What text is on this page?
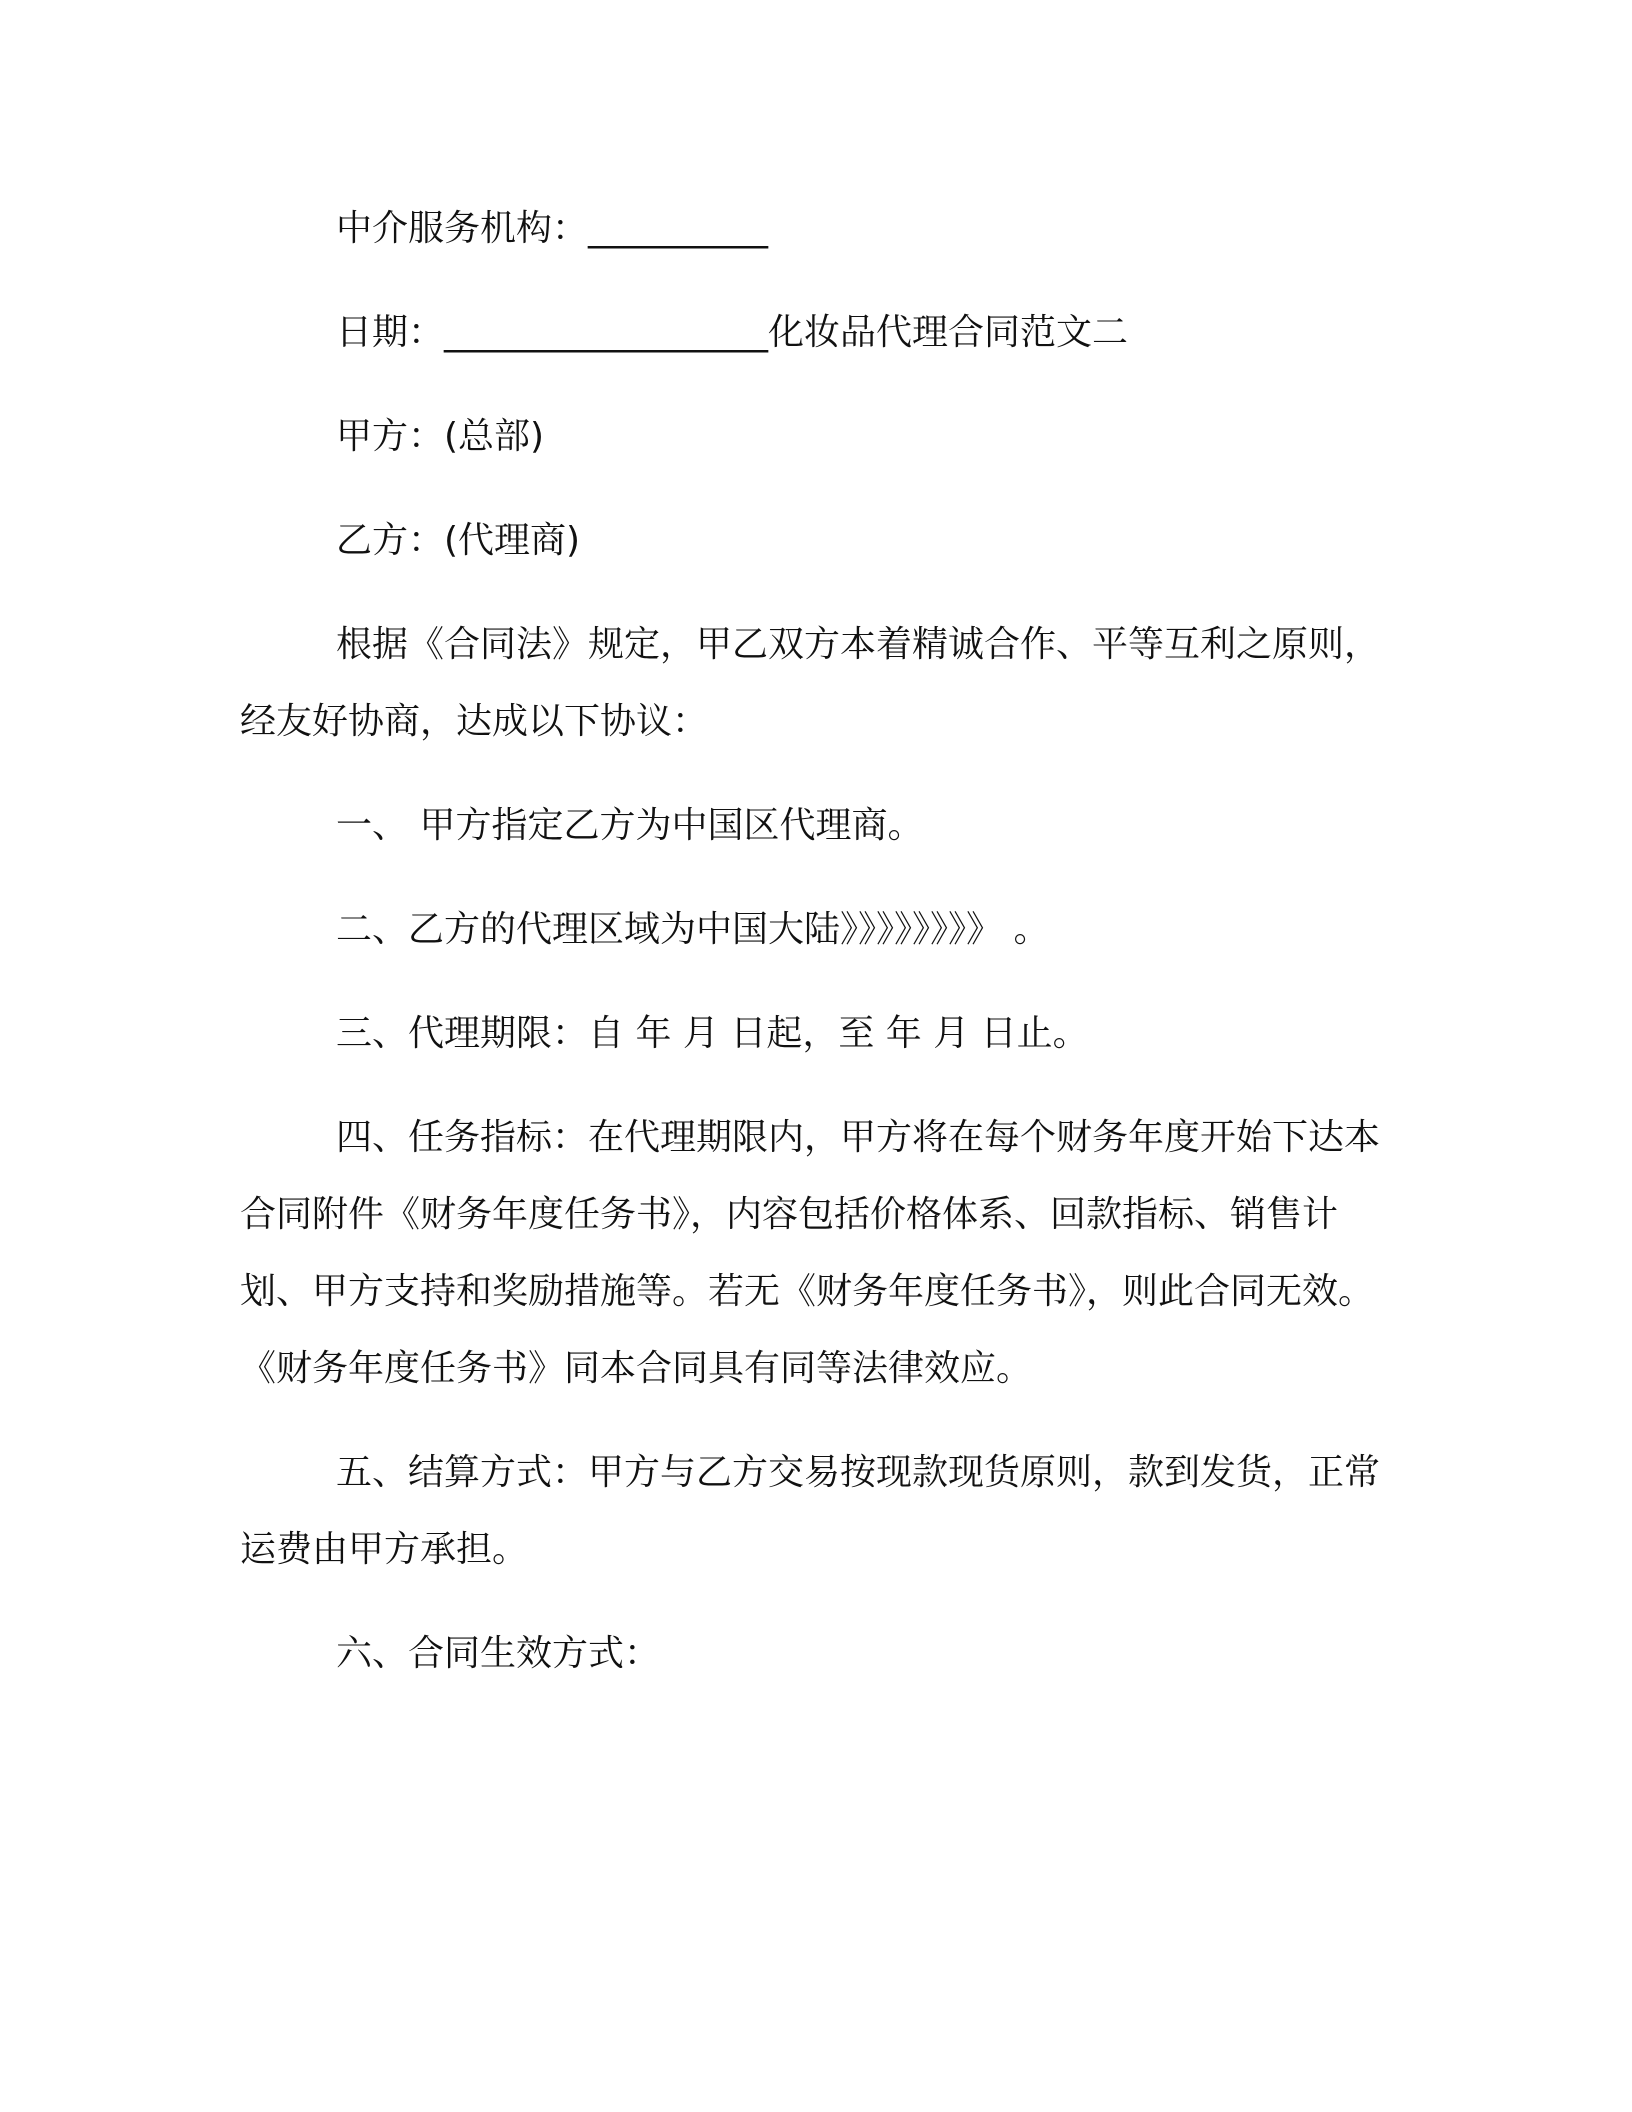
中介服务机构：__________

日期：__________________化妆品代理合同范文二

甲方：(总部)

乙方：(代理商)

根据《合同法》规定，甲乙双方本着精诚合作、平等互利之原则，经友好协商，达成以下协议：

一、 甲方指定乙方为中国区代理商。

二、乙方的代理区域为中国大陆》》》》》》》》 。

三、代理期限：自 年 月 日起，至 年 月 日止。

四、任务指标：在代理期限内，甲方将在每个财务年度开始下达本合同附件《财务年度任务书》，内容包括价格体系、回款指标、销售计划、甲方支持和奖励措施等。若无《财务年度任务书》，则此合同无效。《财务年度任务书》同本合同具有同等法律效应。

五、结算方式：甲方与乙方交易按现款现货原则，款到发货，正常运费由甲方承担。

六、合同生效方式：
